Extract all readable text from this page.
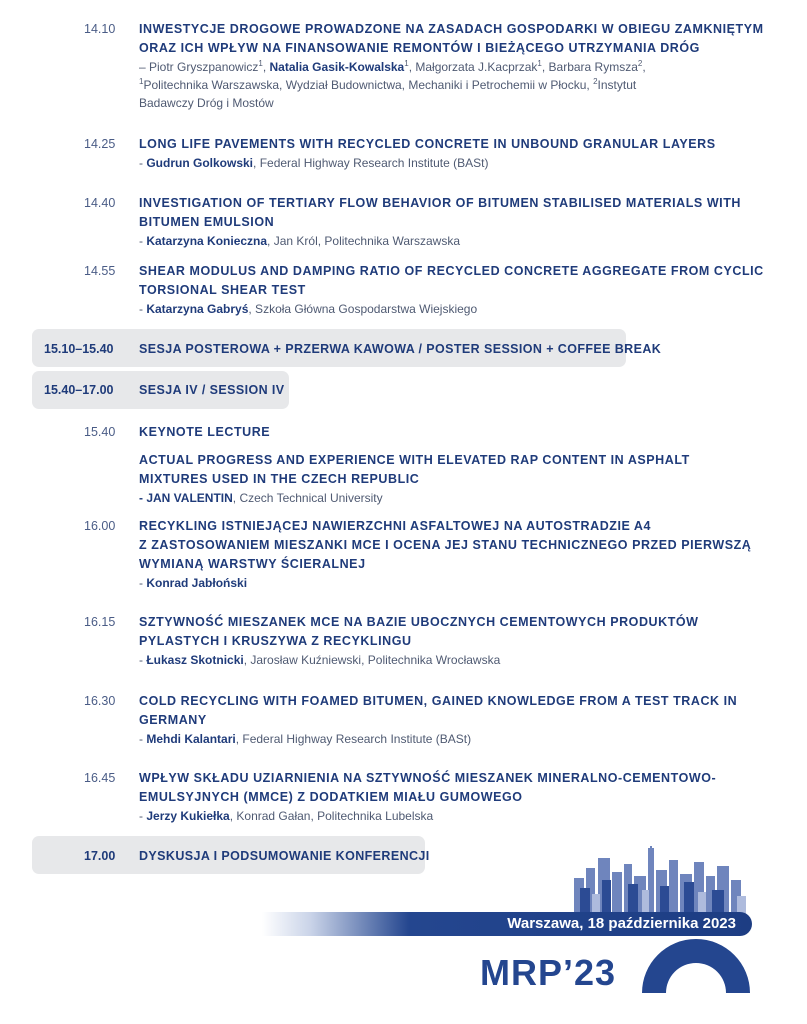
14.10	INWESTYCJE DROGOWE PROWADZONE NA ZASADACH GOSPODARKI W OBIEGU ZAMKNIĘTYM
ORAZ ICH WPŁYW NA FINANSOWANIE REMONTÓW I BIEŻĄCEGO UTRZYMANIA DRÓG
– Piotr Gryszpanowicz$^1$, Natalia Gasik-Kowalska$^1$, Małgorzata J.Kacprzak$^1$, Barbara Rymsza$^2$,
$^1$Politechnika Warszawska, Wydział Budownictwa, Mechaniki i Petrochemii w Płocku, $^2$Instytut
Badawczy Dróg i Mostów
14.25	LONG LIFE PAVEMENTS WITH RECYCLED CONCRETE IN UNBOUND GRANULAR LAYERS
- Gudrun Golkowski, Federal Highway Research Institute (BASt)
14.40	INVESTIGATION OF TERTIARY FLOW BEHAVIOR OF BITUMEN STABILISED MATERIALS WITH
BITUMEN EMULSION
- Katarzyna Konieczna, Jan Król, Politechnika Warszawska
14.55	SHEAR MODULUS AND DAMPING RATIO OF RECYCLED CONCRETE AGGREGATE FROM CYCLIC
TORSIONAL SHEAR TEST
- Katarzyna Gabryś, Szkoła Główna Gospodarstwa Wiejskiego
15.10–15.40 SESJA POSTEROWA + PRZERWA KAWOWA / POSTER SESSION + COFFEE BREAK
15.40–17.00 SESJA IV / SESSION IV
15.40	KEYNOTE LECTURE
ACTUAL PROGRESS AND EXPERIENCE WITH ELEVATED RAP CONTENT IN ASPHALT
MIXTURES USED IN THE CZECH REPUBLIC
- JAN VALENTIN, Czech Technical University
16.00	RECYKLING ISTNIEJĄCEJ NAWIERZCHNI ASFALTOWEJ NA AUTOSTRADZIE A4
Z ZASTOSOWANIEM MIESZANKI MCE I OCENA JEJ STANU TECHNICZNEGO PRZED PIERWSZĄ
WYMIANĄ WARSTWY ŚCIERALNEJ
- Konrad Jabłoński
16.15	SZTYWNOŚĆ MIESZANEK MCE NA BAZIE UBOCZNYCH CEMENTOWYCH PRODUKTÓW
PYLASTYCH I KRUSZYWA Z RECYKLINGU
- Łukasz Skotnicki, Jarosław Kuźniewski, Politechnika Wrocławska
16.30	COLD RECYCLING WITH FOAMED BITUMEN, GAINED KNOWLEDGE FROM A TEST TRACK IN
GERMANY
- Mehdi Kalantari, Federal Highway Research Institute (BASt)
16.45	WPŁYW SKŁADU UZIARNIENIA NA SZTYWNOŚĆ MIESZANEK MINERALNO-CEMENTOWO-
EMULSYJNYCH (MMCE) Z DODATKIEM MIAŁU GUMOWEGO
- Jerzy Kukiełka, Konrad Gałan, Politechnika Lubelska
17.00 DYSKUSJA I PODSUMOWANIE KONFERENCJI
Warszawa, 18 października 2023
MRP’23
